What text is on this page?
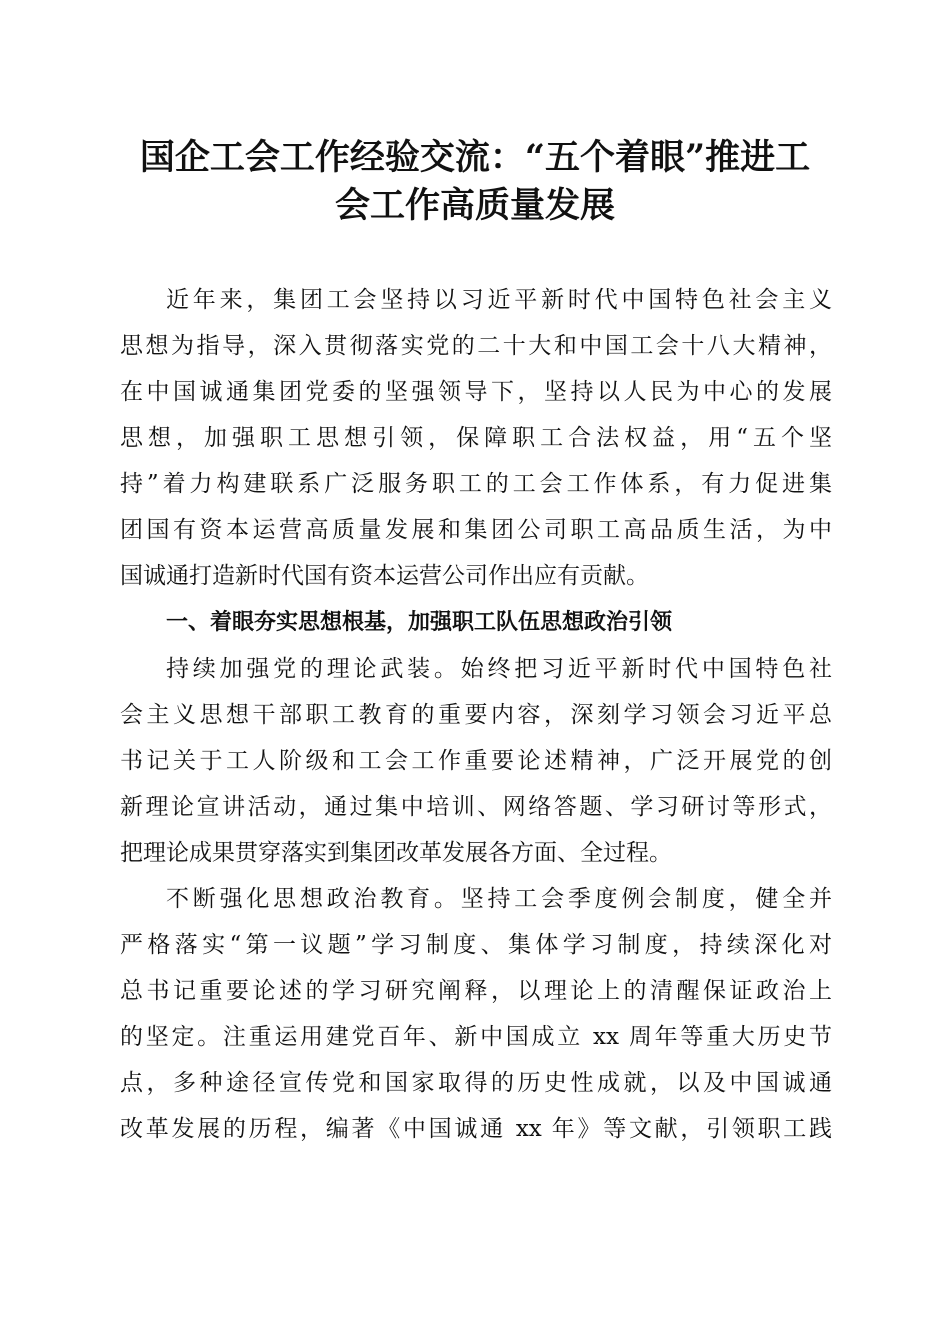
国企工会工作经验交流：“五个着眼”推进工
会工作高质量发展
近年来，集团工会坚持以习近平新时代中国特色社会主义
思想为指导，深入贯彻落实党的二十大和中国工会十八大精神，
在中国诚通集团党委的坚强领导下，坚持以人民为中心的发展
思想，加强职工思想引领，保障职工合法权益，用“五个坚
持”着力构建联系广泛服务职工的工会工作体系，有力促进集
团国有资本运营高质量发展和集团公司职工高品质生活，为中
国诚通打造新时代国有资本运营公司作出应有贡献。
一、着眼夯实思想根基，加强职工队伍思想政治引领
持续加强党的理论武装。始终把习近平新时代中国特色社
会主义思想干部职工教育的重要内容，深刻学习领会习近平总
书记关于工人阶级和工会工作重要论述精神，广泛开展党的创
新理论宣讲活动，通过集中培训、网络答题、学习研讨等形式，
把理论成果贯穿落实到集团改革发展各方面、全过程。
不断强化思想政治教育。坚持工会季度例会制度，健全并
严格落实“第一议题”学习制度、集体学习制度，持续深化对
总书记重要论述的学习研究阐释，以理论上的清醒保证政治上
的坚定。注重运用建党百年、新中国成立 xx 周年等重大历史节
点，多种途径宣传党和国家取得的历史性成就，以及中国诚通
改革发展的历程，编著《中国诚通 xx 年》等文献，引领职工践
